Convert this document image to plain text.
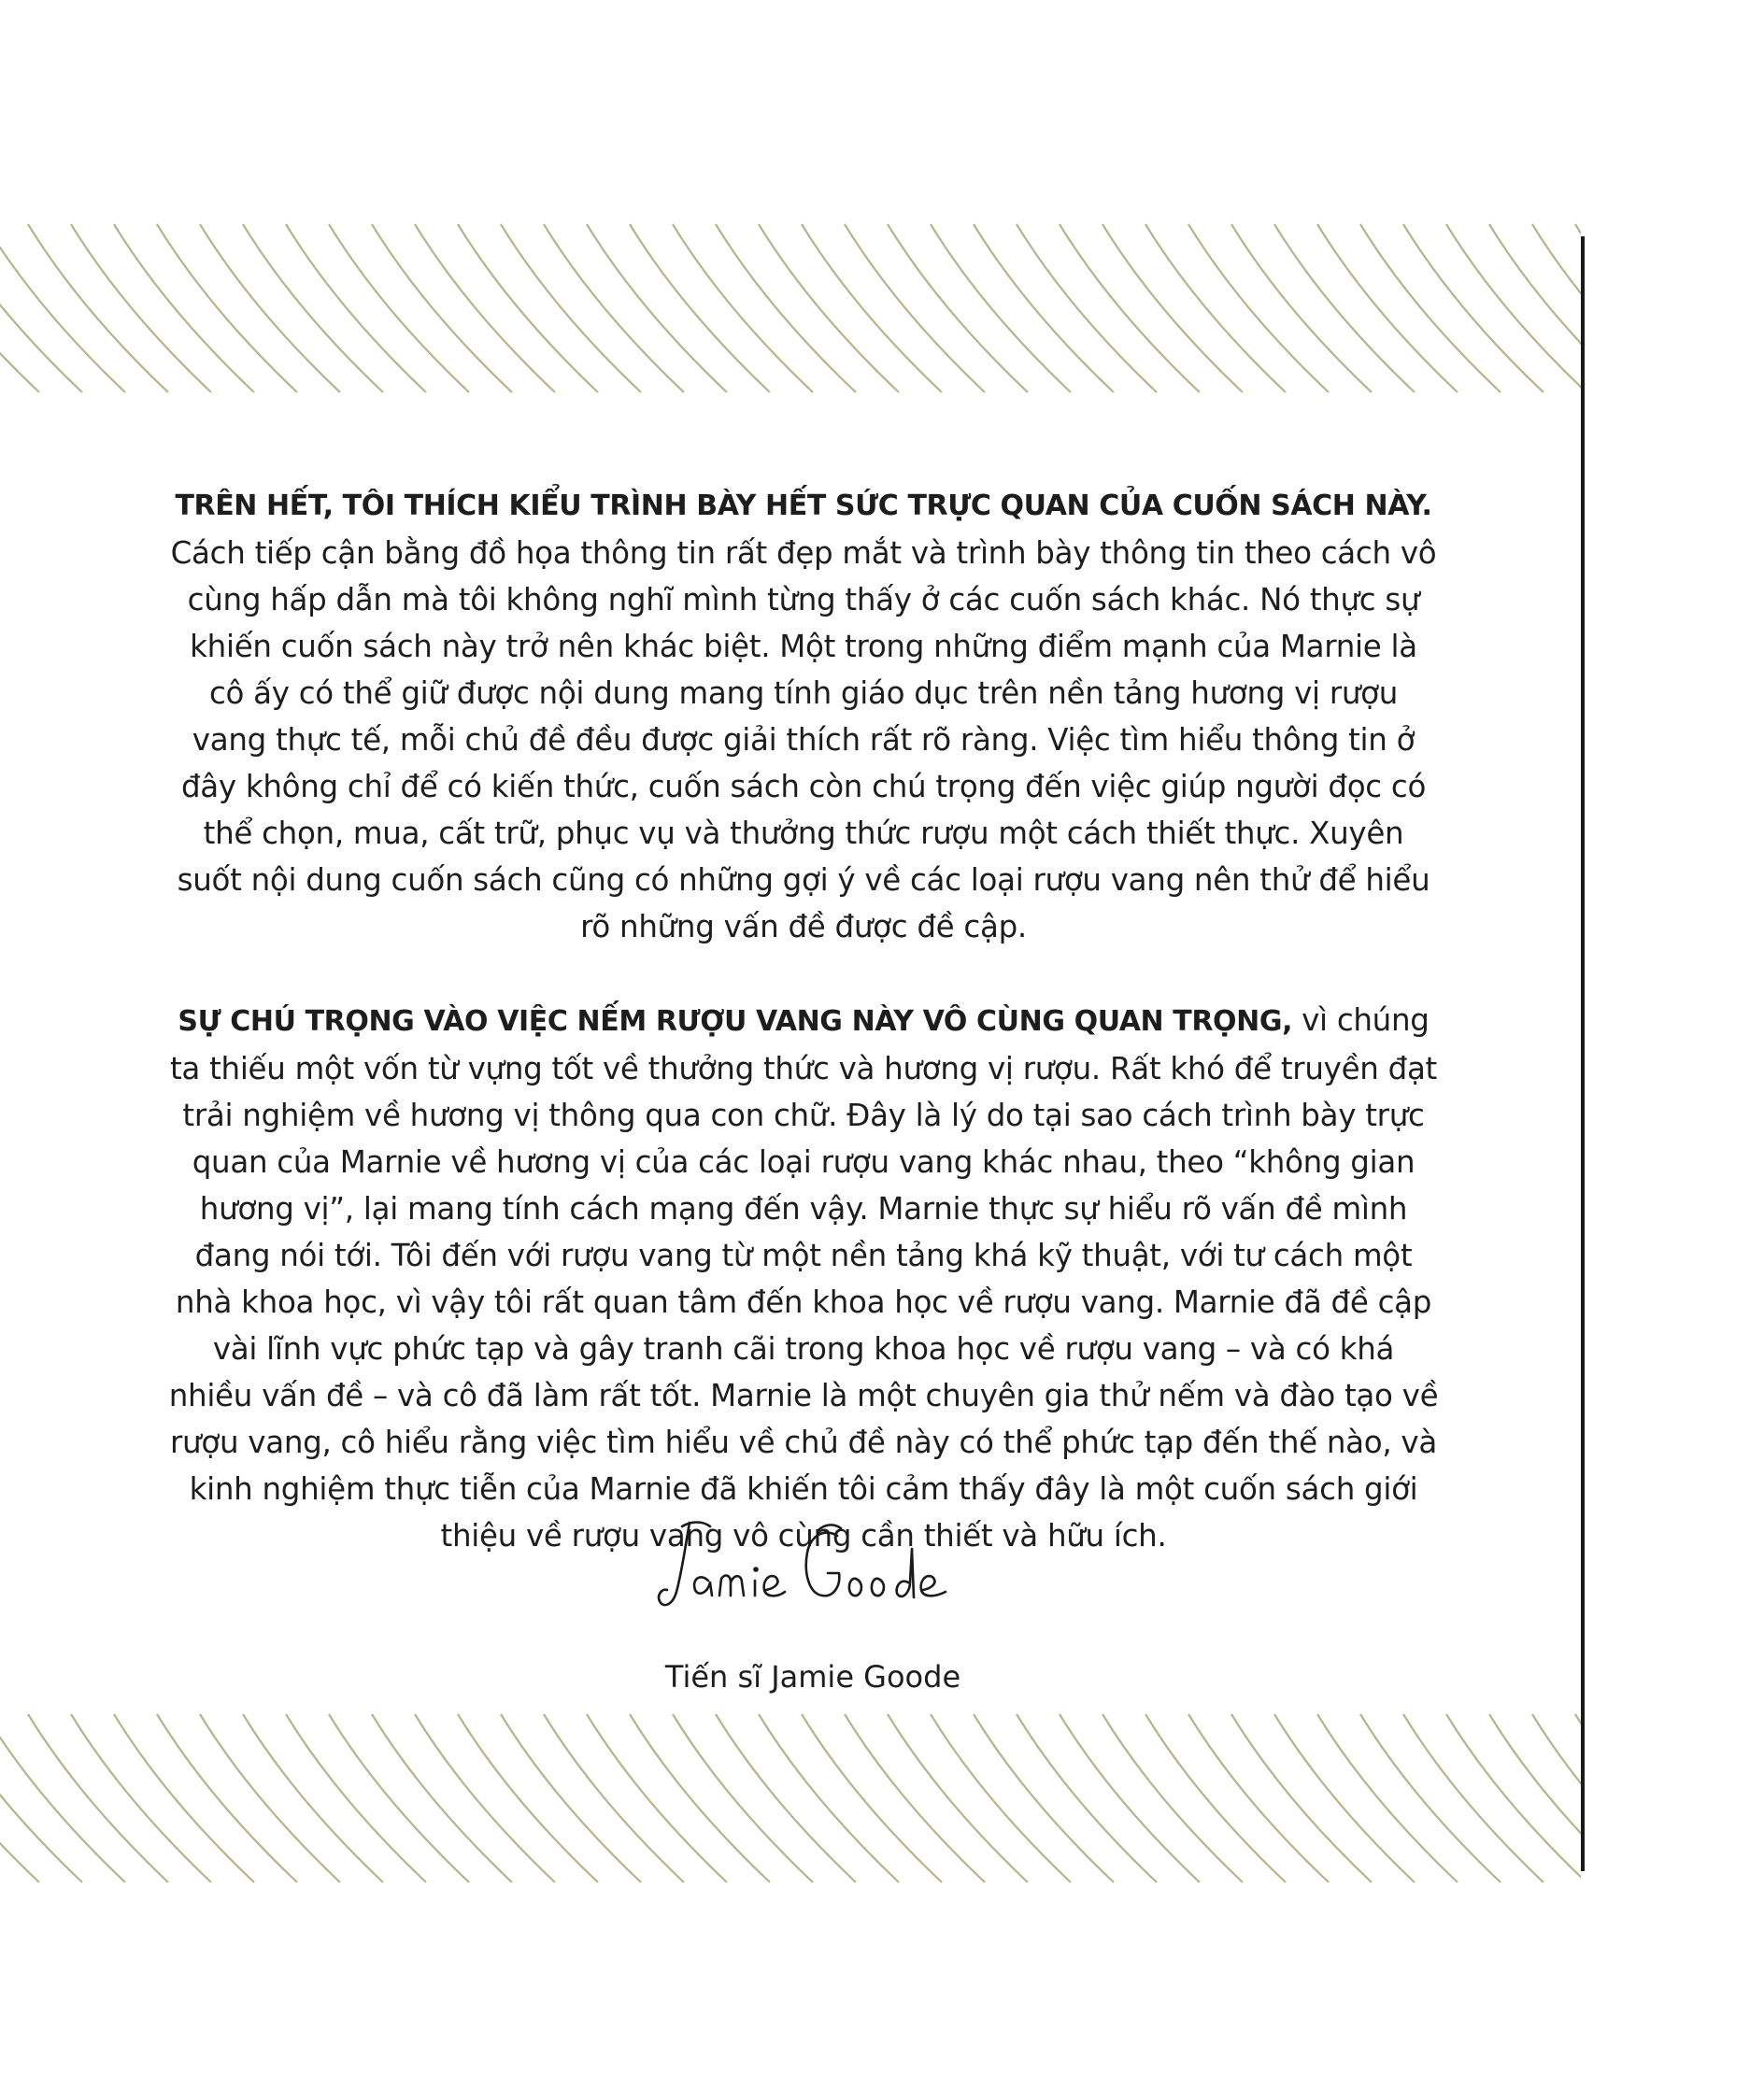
TRÊN HẾT, TÔI THÍCH KIỂU TRÌNH BÀY HẾT SỨC TRỰC QUAN CỦA CUỐN SÁCH NÀY. Cách tiếp cận bằng đồ họa thông tin rất đẹp mắt và trình bày thông tin theo cách vô cùng hấp dẫn mà tôi không nghĩ mình từng thấy ở các cuốn sách khác. Nó thực sự khiến cuốn sách này trở nên khác biệt. Một trong những điểm mạnh của Marnie là cô ấy có thể giữ được nội dung mang tính giáo dục trên nền tảng hương vị rượu vang thực tế, mỗi chủ đề đều được giải thích rất rõ ràng. Việc tìm hiểu thông tin ở đây không chỉ để có kiến thức, cuốn sách còn chú trọng đến việc giúp người đọc có thể chọn, mua, cất trữ, phục vụ và thưởng thức rượu một cách thiết thực. Xuyên suốt nội dung cuốn sách cũng có những gợi ý về các loại rượu vang nên thử để hiểu rõ những vấn đề được đề cập.

SỰ CHÚ TRỌNG VÀO VIỆC NẾM RƯỢU VANG NÀY VÔ CÙNG QUAN TRỌNG, vì chúng ta thiếu một vốn từ vựng tốt về thưởng thức và hương vị rượu. Rất khó để truyền đạt trải nghiệm về hương vị thông qua con chữ. Đây là lý do tại sao cách trình bày trực quan của Marnie về hương vị của các loại rượu vang khác nhau, theo “không gian hương vị”, lại mang tính cách mạng đến vậy. Marnie thực sự hiểu rõ vấn đề mình đang nói tới. Tôi đến với rượu vang từ một nền tảng khá kỹ thuật, với tư cách một nhà khoa học, vì vậy tôi rất quan tâm đến khoa học về rượu vang. Marnie đã đề cập vài lĩnh vực phức tạp và gây tranh cãi trong khoa học về rượu vang – và có khá nhiều vấn đề – và cô đã làm rất tốt. Marnie là một chuyên gia thử nếm và đào tạo về rượu vang, cô hiểu rằng việc tìm hiểu về chủ đề này có thể phức tạp đến thế nào, và kinh nghiệm thực tiễn của Marnie đã khiến tôi cảm thấy đây là một cuốn sách giới thiệu về rượu vang vô cùng cần thiết và hữu ích.

Tiến sĩ Jamie Goode
